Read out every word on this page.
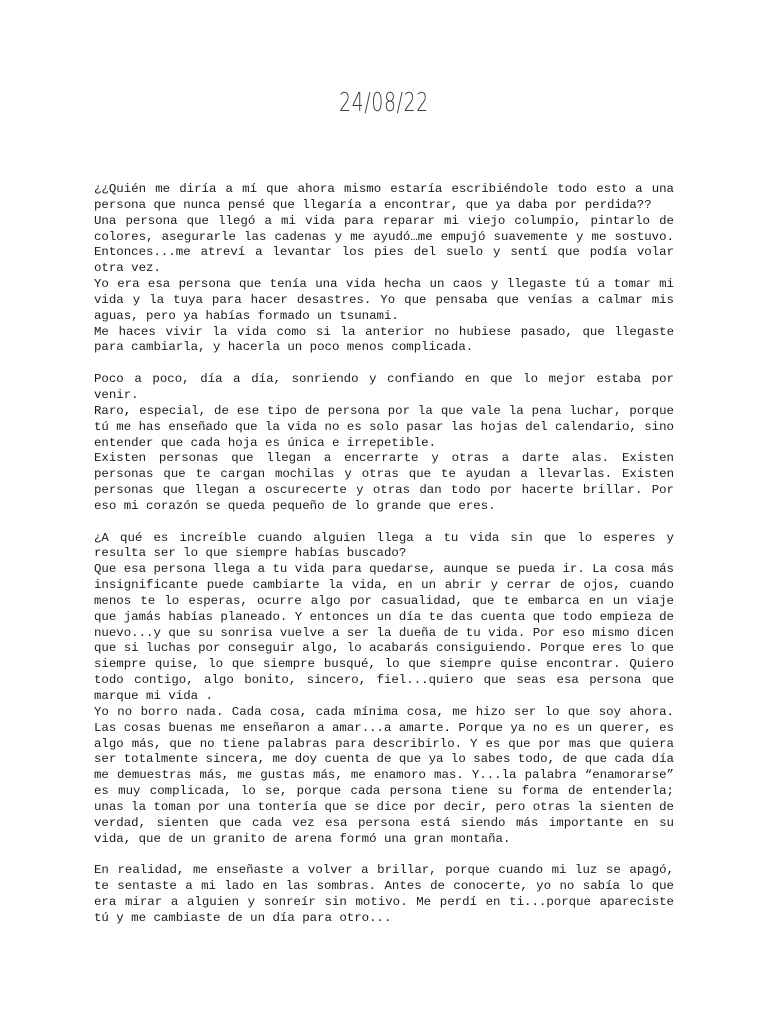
24/08/22

¿¿Quién me diría a mí que ahora mismo estaría escribiéndole todo esto a una persona que nunca pensé que llegaría a encontrar, que ya daba por perdida??

Una persona que llegó a mi vida para reparar mi viejo columpio, pintarlo de colores, asegurarle las cadenas y me ayudó…me empujó suavemente y me sostuvo. Entonces...me atreví a levantar los pies del suelo y sentí que podía volar otra vez.

Yo era esa persona que tenía una vida hecha un caos y llegaste tú a tomar mi vida y la tuya para hacer desastres. Yo que pensaba que venías a calmar mis aguas, pero ya habías formado un tsunami.

Me haces vivir la vida como si la anterior no hubiese pasado, que llegaste para cambiarla, y hacerla un poco menos complicada.

Poco a poco, día a día, sonriendo y confiando en que lo mejor estaba por venir.

Raro, especial, de ese tipo de persona por la que vale la pena luchar, porque tú me has enseñado que la vida no es solo pasar las hojas del calendario, sino entender que cada hoja es única e irrepetible.

Existen personas que llegan a encerrarte y otras a darte alas. Existen personas que te cargan mochilas y otras que te ayudan a llevarlas. Existen personas que llegan a oscurecerte y otras dan todo por hacerte brillar. Por eso mi corazón se queda pequeño de lo grande que eres.

¿A qué es increíble cuando alguien llega a tu vida sin que lo esperes y resulta ser lo que siempre habías buscado?

Que esa persona llega a tu vida para quedarse, aunque se pueda ir. La cosa más insignificante puede cambiarte la vida, en un abrir y cerrar de ojos, cuando menos te lo esperas, ocurre algo por casualidad, que te embarca en un viaje que jamás habías planeado. Y entonces un día te das cuenta que todo empieza de nuevo...y que su sonrisa vuelve a ser la dueña de tu vida. Por eso mismo dicen que si luchas por conseguir algo, lo acabarás consiguiendo. Porque eres lo que siempre quise, lo que siempre busqué, lo que siempre quise encontrar. Quiero todo contigo, algo bonito, sincero, fiel...quiero que seas esa persona que marque mi vida .

Yo no borro nada. Cada cosa, cada mínima cosa, me hizo ser lo que soy ahora. Las cosas buenas me enseñaron a amar...a amarte. Porque ya no es un querer, es algo más, que no tiene palabras para describirlo. Y es que por mas que quiera ser totalmente sincera, me doy cuenta de que ya lo sabes todo, de que cada día me demuestras más, me gustas más, me enamoro mas. Y...la palabra “enamorarse” es muy complicada, lo se, porque cada persona tiene su forma de entenderla; unas la toman por una tontería que se dice por decir, pero otras la sienten de verdad, sienten que cada vez esa persona está siendo más importante en su vida, que de un granito de arena formó una gran montaña.

En realidad, me enseñaste a volver a brillar, porque cuando mi luz se apagó, te sentaste a mi lado en las sombras. Antes de conocerte, yo no sabía lo que era mirar a alguien y sonreír sin motivo. Me perdí en ti...porque apareciste tú y me cambiaste de un día para otro...
